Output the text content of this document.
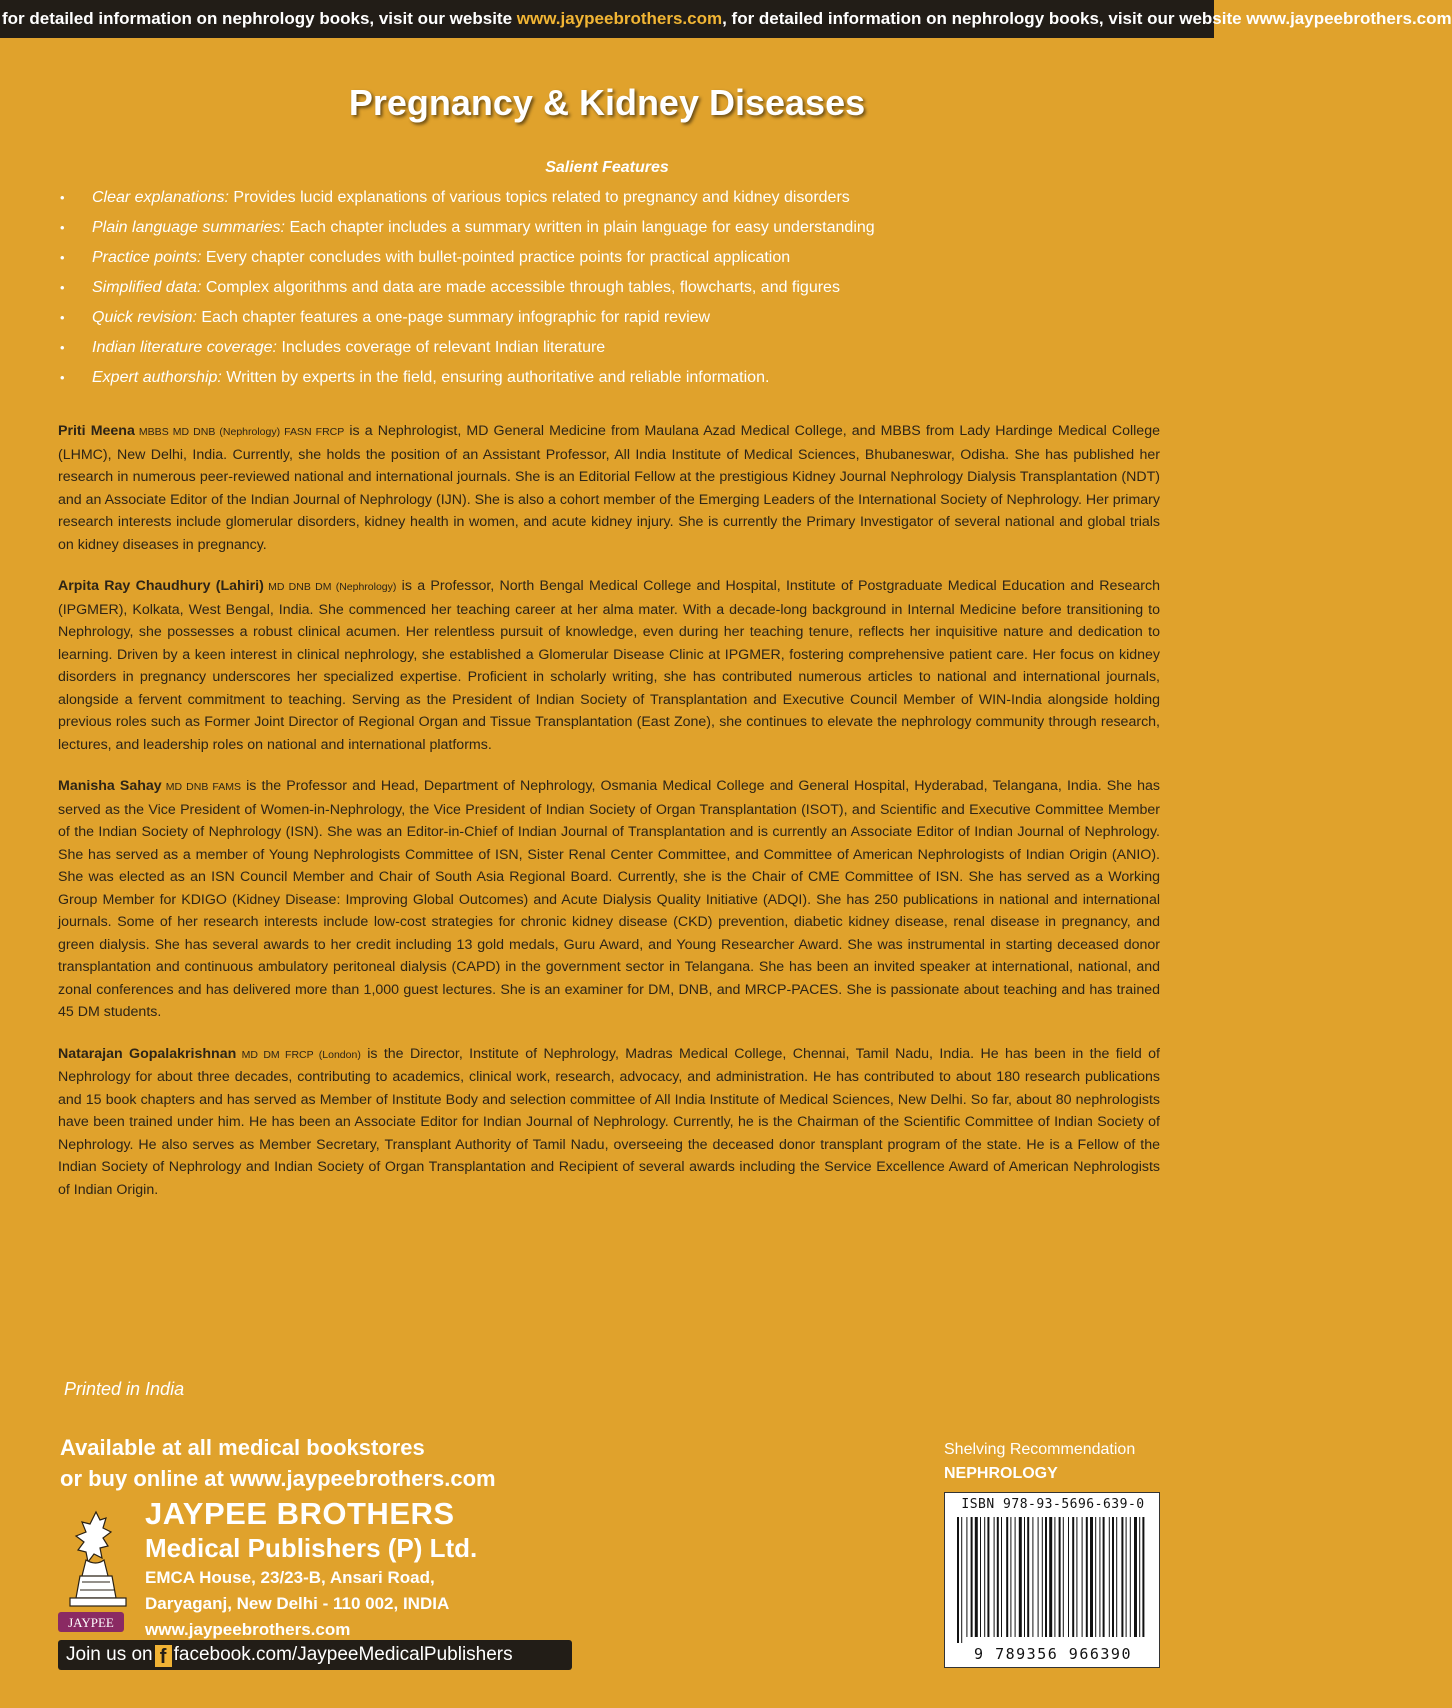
for detailed information on nephrology books, visit our website www.jaypeebrothers.com, for detailed information on nephrology books, visit our website www.jaypeebrothers.com
Pregnancy & Kidney Diseases
Salient Features
• Clear explanations: Provides lucid explanations of various topics related to pregnancy and kidney disorders
• Plain language summaries: Each chapter includes a summary written in plain language for easy understanding
• Practice points: Every chapter concludes with bullet-pointed practice points for practical application
• Simplified data: Complex algorithms and data are made accessible through tables, flowcharts, and figures
• Quick revision: Each chapter features a one-page summary infographic for rapid review
• Indian literature coverage: Includes coverage of relevant Indian literature
• Expert authorship: Written by experts in the field, ensuring authoritative and reliable information.

Priti Meena MBBS MD DNB (Nephrology) FASN FRCP is a Nephrologist, MD General Medicine from Maulana Azad Medical College, and MBBS from Lady Hardinge Medical College (LHMC), New Delhi, India. Currently, she holds the position of an Assistant Professor, All India Institute of Medical Sciences, Bhubaneswar, Odisha. She has published her research in numerous peer-reviewed national and international journals. She is an Editorial Fellow at the prestigious Kidney Journal Nephrology Dialysis Transplantation (NDT) and an Associate Editor of the Indian Journal of Nephrology (IJN). She is also a cohort member of the Emerging Leaders of the International Society of Nephrology. Her primary research interests include glomerular disorders, kidney health in women, and acute kidney injury. She is currently the Primary Investigator of several national and global trials on kidney diseases in pregnancy.

Arpita Ray Chaudhury (Lahiri) MD DNB DM (Nephrology) is a Professor, North Bengal Medical College and Hospital, Institute of Postgraduate Medical Education and Research (IPGMER), Kolkata, West Bengal, India. She commenced her teaching career at her alma mater. With a decade-long background in Internal Medicine before transitioning to Nephrology, she possesses a robust clinical acumen. Her relentless pursuit of knowledge, even during her teaching tenure, reflects her inquisitive nature and dedication to learning. Driven by a keen interest in clinical nephrology, she established a Glomerular Disease Clinic at IPGMER, fostering comprehensive patient care. Her focus on kidney disorders in pregnancy underscores her specialized expertise. Proficient in scholarly writing, she has contributed numerous articles to national and international journals, alongside a fervent commitment to teaching. Serving as the President of Indian Society of Transplantation and Executive Council Member of WIN-India alongside holding previous roles such as Former Joint Director of Regional Organ and Tissue Transplantation (East Zone), she continues to elevate the nephrology community through research, lectures, and leadership roles on national and international platforms.

Manisha Sahay MD DNB FAMS is the Professor and Head, Department of Nephrology, Osmania Medical College and General Hospital, Hyderabad, Telangana, India. She has served as the Vice President of Women-in-Nephrology, the Vice President of Indian Society of Organ Transplantation (ISOT), and Scientific and Executive Committee Member of the Indian Society of Nephrology (ISN). She was an Editor-in-Chief of Indian Journal of Transplantation and is currently an Associate Editor of Indian Journal of Nephrology. She has served as a member of Young Nephrologists Committee of ISN, Sister Renal Center Committee, and Committee of American Nephrologists of Indian Origin (ANIO). She was elected as an ISN Council Member and Chair of South Asia Regional Board. Currently, she is the Chair of CME Committee of ISN. She has served as a Working Group Member for KDIGO (Kidney Disease: Improving Global Outcomes) and Acute Dialysis Quality Initiative (ADQI). She has 250 publications in national and international journals. Some of her research interests include low-cost strategies for chronic kidney disease (CKD) prevention, diabetic kidney disease, renal disease in pregnancy, and green dialysis. She has several awards to her credit including 13 gold medals, Guru Award, and Young Researcher Award. She was instrumental in starting deceased donor transplantation and continuous ambulatory peritoneal dialysis (CAPD) in the government sector in Telangana. She has been an invited speaker at international, national, and zonal conferences and has delivered more than 1,000 guest lectures. She is an examiner for DM, DNB, and MRCP-PACES. She is passionate about teaching and has trained 45 DM students.

Natarajan Gopalakrishnan MD DM FRCP (London) is the Director, Institute of Nephrology, Madras Medical College, Chennai, Tamil Nadu, India. He has been in the field of Nephrology for about three decades, contributing to academics, clinical work, research, advocacy, and administration. He has contributed to about 180 research publications and 15 book chapters and has served as Member of Institute Body and selection committee of All India Institute of Medical Sciences, New Delhi. So far, about 80 nephrologists have been trained under him. He has been an Associate Editor for Indian Journal of Nephrology. Currently, he is the Chairman of the Scientific Committee of Indian Society of Nephrology. He also serves as Member Secretary, Transplant Authority of Tamil Nadu, overseeing the deceased donor transplant program of the state. He is a Fellow of the Indian Society of Nephrology and Indian Society of Organ Transplantation and Recipient of several awards including the Service Excellence Award of American Nephrologists of Indian Origin.

Printed in India
Available at all medical bookstores
or buy online at www.jaypeebrothers.com
JAYPEE
JAYPEE BROTHERS
Medical Publishers (P) Ltd.
EMCA House, 23/23-B, Ansari Road,
Daryaganj, New Delhi - 110 002, INDIA
www.jaypeebrothers.com
Join us on f facebook.com/JaypeeMedicalPublishers
Shelving Recommendation
NEPHROLOGY
ISBN 978-93-5696-639-0
9 789356 966390
